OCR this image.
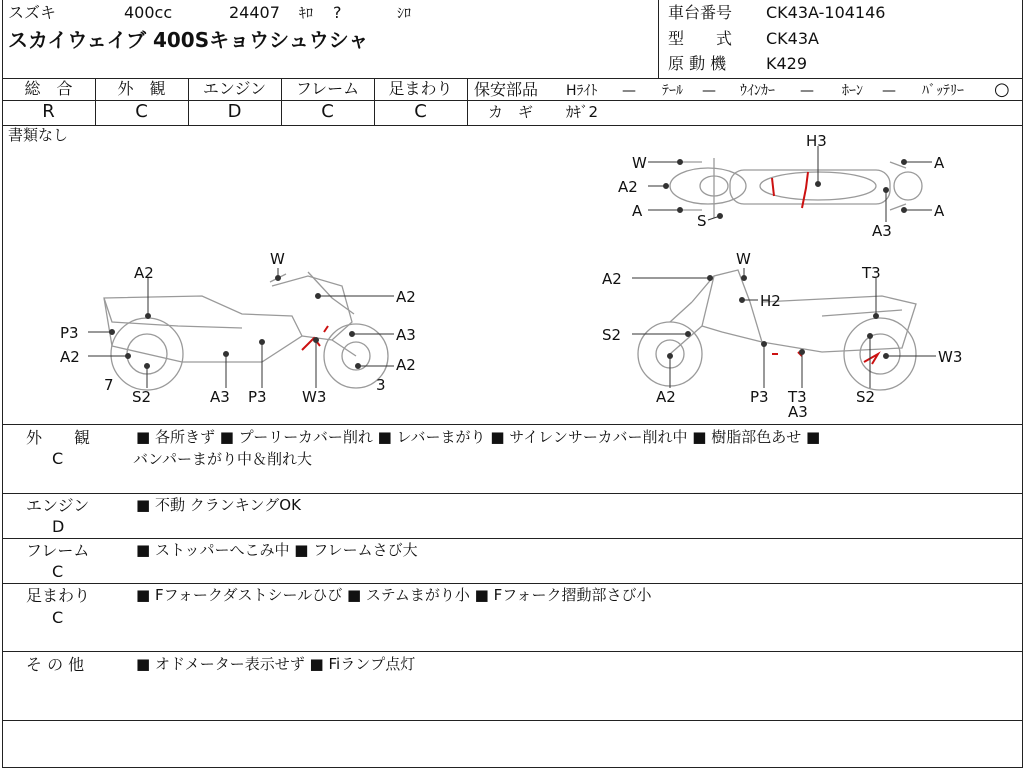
スズキ	400cc	24407 ｷﾛ ?	ｼﾛ
スカイウェイブ 400Sキョウシュウシャ
車台番号 CK43A-104146
型　　式 CK43A
原 動 機 K429
総　合
R
外　観
C
エンジン
D
フレーム
C
足まわり
C
保安部品 Hﾗｲﾄ — ﾃｰﾙ — ｳｲﾝｶｰ — ﾎｰﾝ — ﾊﾞｯﾃﾘｰ ○
カ　ギ ｶｷﾞ2
書類なし
W
A2
A
S
H3
A
A
A3
A2
W
A2
P3	A3
A2	A2
7
S2	A3 P3 W3
3
A2
W
T3
H2
S2
W3
A2	P3 T3
A3
S2
外　　観
C
■ 各所きず ■ プーリーカバー削れ ■ レバーまがり ■ サイレンサーカバー削れ中 ■ 樹脂部色あせ ■
バンパーまがり中＆削れ大
エンジン
D
■ 不動 クランキングOK
フレーム
C
■ ストッパーへこみ中 ■ フレームさび大
足まわり
C
■ Fフォークダストシールひび ■ ステムまがり小 ■ Fフォーク摺動部さび小
そ の 他	■ オドメーター表示せず ■ Fiランプ点灯
